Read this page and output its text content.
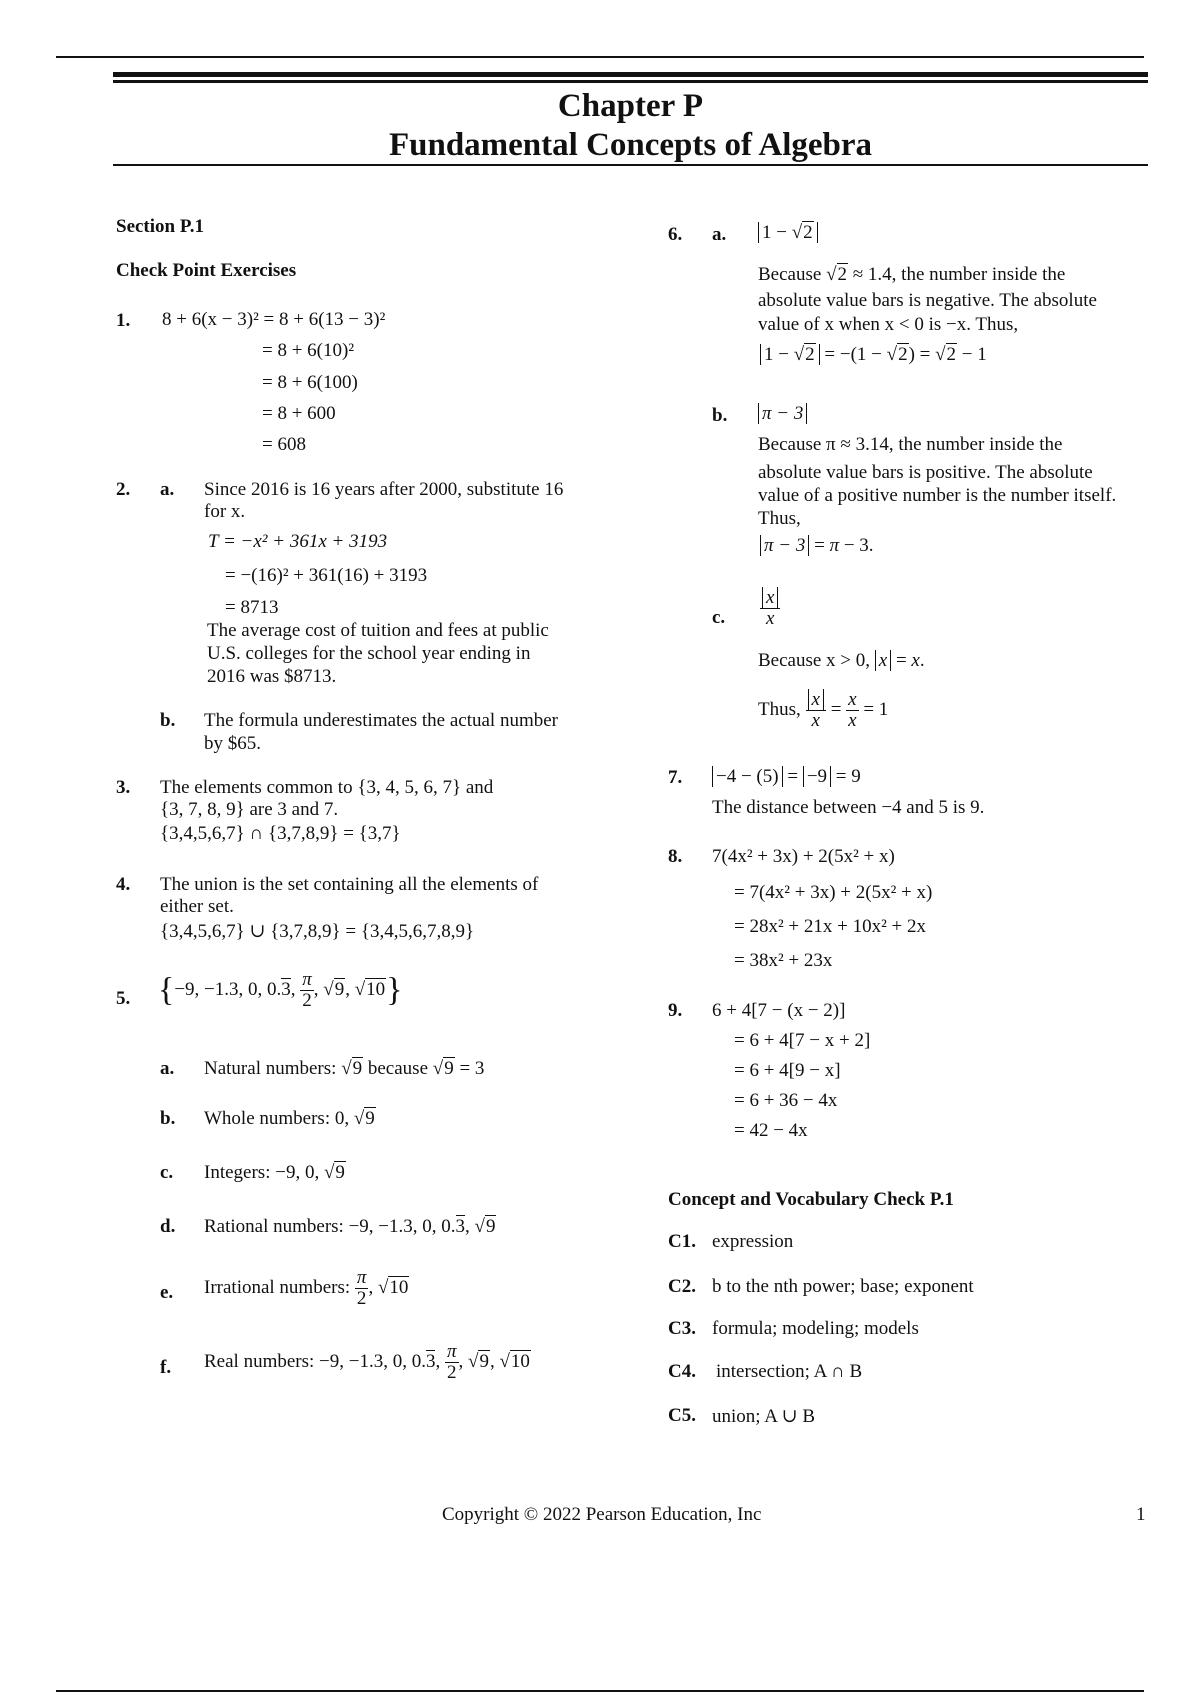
Chapter P
Fundamental Concepts of Algebra
Section P.1
Check Point Exercises
1. 8 + 6(x − 3)² = 8 + 6(13 − 3)²
= 8 + 6(10)²
= 8 + 6(100)
= 8 + 600
= 608
2. a. Since 2016 is 16 years after 2000, substitute 16
for x.
T = −x² + 361x + 3193
= −(16)² + 361(16) + 3193
= 8713
The average cost of tuition and fees at public
U.S. colleges for the school year ending in
2016 was $8713.
b. The formula underestimates the actual number
by $65.
3. The elements common to {3, 4, 5, 6, 7} and
{3, 7, 8, 9} are 3 and 7.
{3,4,5,6,7} ∩ {3,7,8,9} = {3,7}
4. The union is the set containing all the elements of
either set.
{3,4,5,6,7} ∪ {3,7,8,9} = {3,4,5,6,7,8,9}
5. {−9, −1.3, 0, 0.3, $\frac{\pi}{2}$ , √9, √10}
a. Natural numbers: √9 because √9 = 3
b. Whole numbers: 0, √9
c. Integers: −9, 0, √9
d. Rational numbers: −9, −1.3, 0, 0.3, √9
e. Irrational numbers: $\frac{\pi}{2}$ , √10
f. Real numbers: −9, −1.3, 0, 0.3, $\frac{\pi}{2}$ , √9, √10
6. a. 1 − √2
Because √2 ≈ 1.4, the number inside the
absolute value bars is negative. The absolute
value of x when x < 0 is −x. Thus,
1 − √2 = −(1 − √2) = √2 − 1
b. π − 3
Because π ≈ 3.14, the number inside the
absolute value bars is positive. The absolute
value of a positive number is the number itself.
Thus,
π − 3 = π − 3.
c. $\frac{x}{x}$
Because x > 0, x = x.
Thus, $\frac{x}{x} = \frac{x}{x} = 1$
7. −4 − (5) = −9 = 9
The distance between −4 and 5 is 9.
8. 7(4x² + 3x) + 2(5x² + x)
= 7(4x² + 3x) + 2(5x² + x)
= 28x² + 21x + 10x² + 2x
= 38x² + 23x
9. 6 + 4[7 − (x − 2)]
= 6 + 4[7 − x + 2]
= 6 + 4[9 − x]
= 6 + 36 − 4x
= 42 − 4x
Concept and Vocabulary Check P.1
C1. expression
C2. b to the nth power; base; exponent
C3. formula; modeling; models
C4. intersection; A ∩ B
C5. union; A ∪ B
Copyright © 2022 Pearson Education, Inc	1
